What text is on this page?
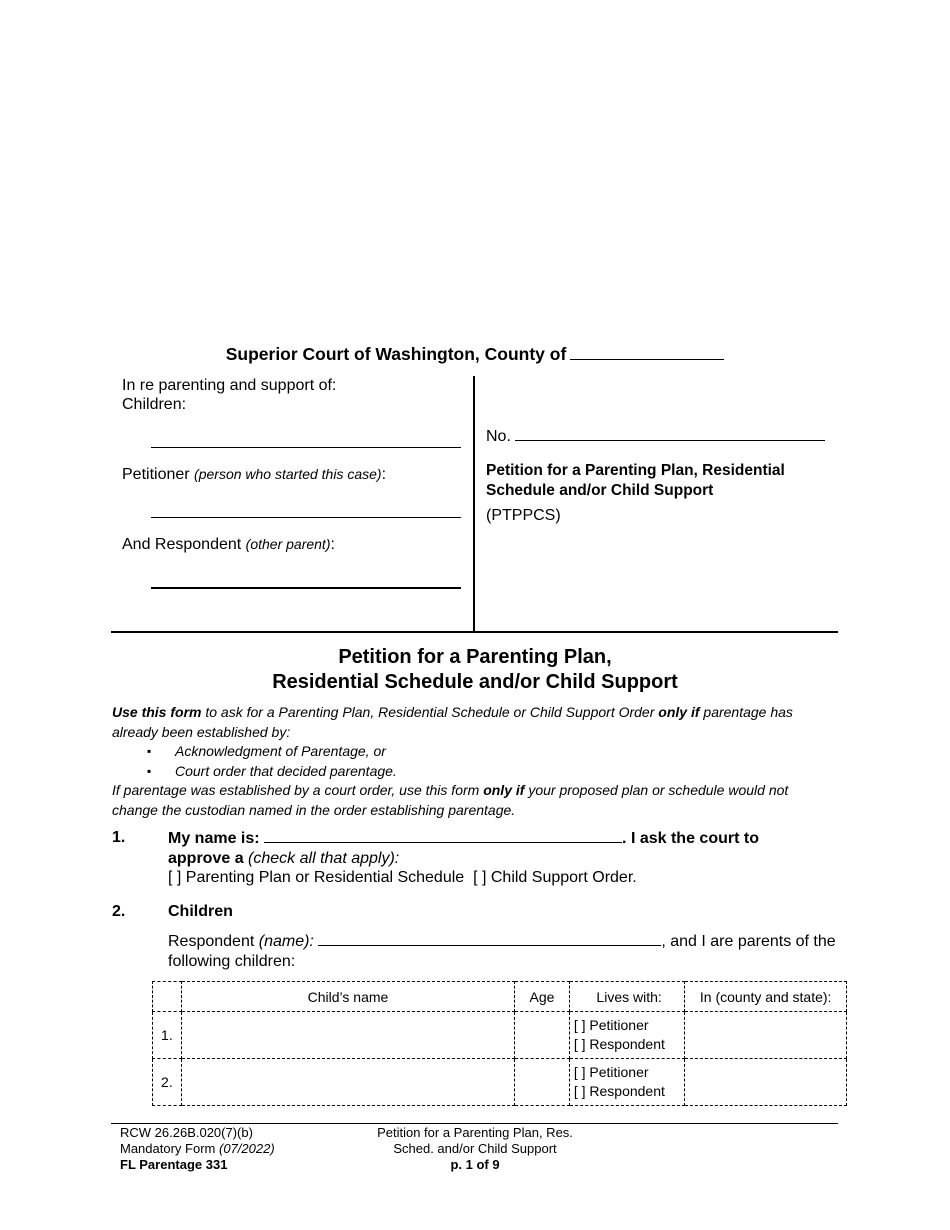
Superior Court of Washington, County of
In re parenting and support of:
Children:
Petitioner (person who started this case):
And Respondent (other parent):
No.
Petition for a Parenting Plan, Residential Schedule and/or Child Support
(PTPPCS)
Petition for a Parenting Plan,
Residential Schedule and/or Child Support
Use this form to ask for a Parenting Plan, Residential Schedule or Child Support Order only if parentage has already been established by:
▪ Acknowledgment of Parentage, or
▪ Court order that decided parentage.
If parentage was established by a court order, use this form only if your proposed plan or schedule would not change the custodian named in the order establishing parentage.
1.	My name is:	. I ask the court to approve a (check all that apply):
[ ] Parenting Plan or Residential Schedule [ ] Child Support Order.
2.	Children
Respondent (name):	, and I are parents of the following children:
	Child’s name	Age	Lives with:	In (county and state):
1.			[ ] Petitioner
[ ] Respondent	

2.			[ ] Petitioner
[ ] Respondent	

RCW 26.26B.020(7)(b)
Mandatory Form (07/2022)
FL Parentage 331
Petition for a Parenting Plan, Res.
Sched. and/or Child Support
p. 1 of 9
